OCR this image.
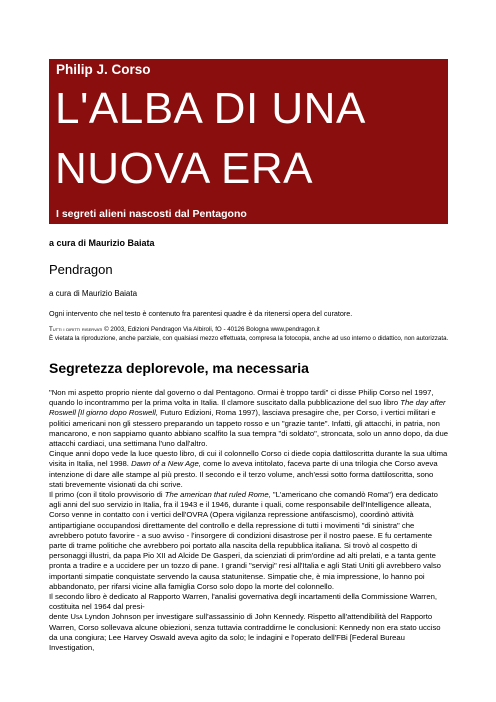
Philip J. Corso
L'ALBA DI UNA
NUOVA ERA
I segreti alieni nascosti dal Pentagono
a cura di Maurizio Baiata
Pendragon
a cura di Maurizio Baiata
Ogni intervento che nel testo è contenuto fra parentesi quadre è da ritenersi opera del curatore.
Tutti i diritti riservati © 2003, Edizioni Pendragon Via Albiroli, fO - 40126 Bologna www.pendragon.it
È vietata la riproduzione, anche parziale, con qualsiasi mezzo effettuata, compresa la fotocopia, anche ad uso interno o didattico, non autorizzata.
Segretezza deplorevole, ma necessaria

"Non mi aspetto proprio niente dal governo o dal Pentagono. Ormai è troppo tardi" ci disse Philip Corso nel 1997, quando lo incontrammo per la prima volta in Italia. Il clamore suscitato dalla pubblicazione del suo libro The day after Roswell [Il giorno dopo Roswell, Futuro Edizioni, Roma 1997), lasciava presagire che, per Corso, i vertici militari e politici americani non gli stessero preparando un tappeto rosso e un "grazie tante". Infatti, gli attacchi, in patria, non mancarono, e non sappiamo quanto abbiano scalfito la sua tempra "di soldato", stroncata, solo un anno dopo, da due attacchi cardiaci, una settimana l'uno dall'altro.

Cinque anni dopo vede la luce questo libro, di cui il colonnello Corso ci diede copia dattiloscritta durante la sua ultima visita in Italia, nel 1998. Dawn of a New Age, come lo aveva intitolato, faceva parte di una trilogia che Corso aveva intenzione di dare alle stampe al più presto. Il secondo e il terzo volume, anch'essi sotto forma dattiloscritta, sono stati brevemente visionati da chi scrive.

Il primo (con il titolo provvisorio di The american that ruled Rome, "L'americano che comandò Roma") era dedicato agli anni del suo servizio in Italia, fra il 1943 e il 1946, durante i quali, come responsabile dell'Intelligence alleata, Corso venne in contatto con i vertici dell'OVRA (Opera vigilanza repressione antifascismo), coordinò attività antipartigiane occupandosi direttamente del controllo e della repressione di tutti i movimenti "di sinistra" che avrebbero potuto favorire - a suo avviso - l'insorgere di condizioni disastrose per il nostro paese. E fu certamente parte di trame politiche che avrebbero poi portato alla nascita della repubblica italiana. Si trovò al cospetto di personaggi illustri, da papa Pio XII ad Alcide De Gasperi, da scienziati di prim'ordine ad alti prelati, e a tanta gente pronta a tradire e a uccidere per un tozzo di pane. I grandi "servigi" resi all'Italia e agli Stati Uniti gli avrebbero valso importanti simpatie conquistate servendo la causa statunitense. Simpatie che, è mia impressione, lo hanno poi abbandonato, per rifarsi vicine alla famiglia Corso solo dopo la morte del colonnello.

Il secondo libro è dedicato al Rapporto Warren, l'analisi governativa degli incartamenti della Commissione Warren, costituita nel 1964 dal presi-
dente Usa Lyndon Johnson per investigare sull'assassinio di John Kennedy. Rispetto all'attendibilità del Rapporto Warren, Corso sollevava alcune obiezioni, senza tuttavia contraddirne le conclusioni: Kennedy non era stato ucciso da una congiura; Lee Harvey Oswald aveva agito da solo; le indagini e l'operato dell'FBi [Federal Bureau Investigation,
